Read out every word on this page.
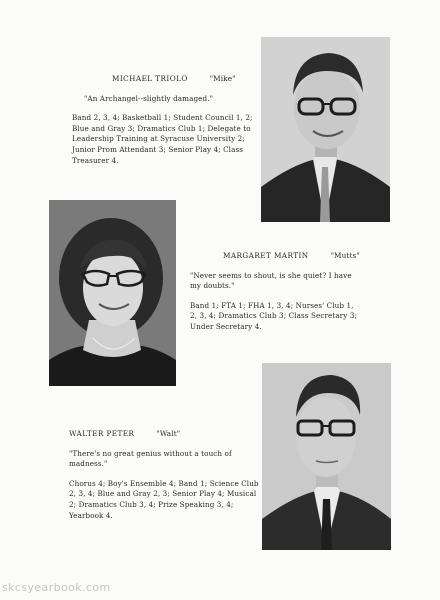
MICHAEL TRIOLO	"Mike"
"An Archangel--slightly damaged."
Band 2, 3, 4; Basketball 1; Student Council 1, 2; Blue and Gray 3; Dramatics Club 1; Delegate to Leadership Training at Syracuse University 2; Junior Prom Attendant 3; Senior Play 4; Class Treasurer 4.
MARGARET MARTIN	"Mutts"
"Never seems to shout, is she quiet? I have my doubts."
Band 1; FTA 1; FHA 1, 3, 4; Nurses' Club 1, 2, 3, 4; Dramatics Club 3; Class Secretary 3; Under Secretary 4.
WALTER PETER	"Walt"
"There's no great genius without a touch of madness."
Chorus 4; Boy's Ensemble 4; Band 1; Science Club 2, 3, 4; Blue and Gray 2, 3; Senior Play 4; Musical 2; Dramatics Club 3, 4; Prize Speaking 3, 4; Yearbook 4.
skcsyearbook.com
